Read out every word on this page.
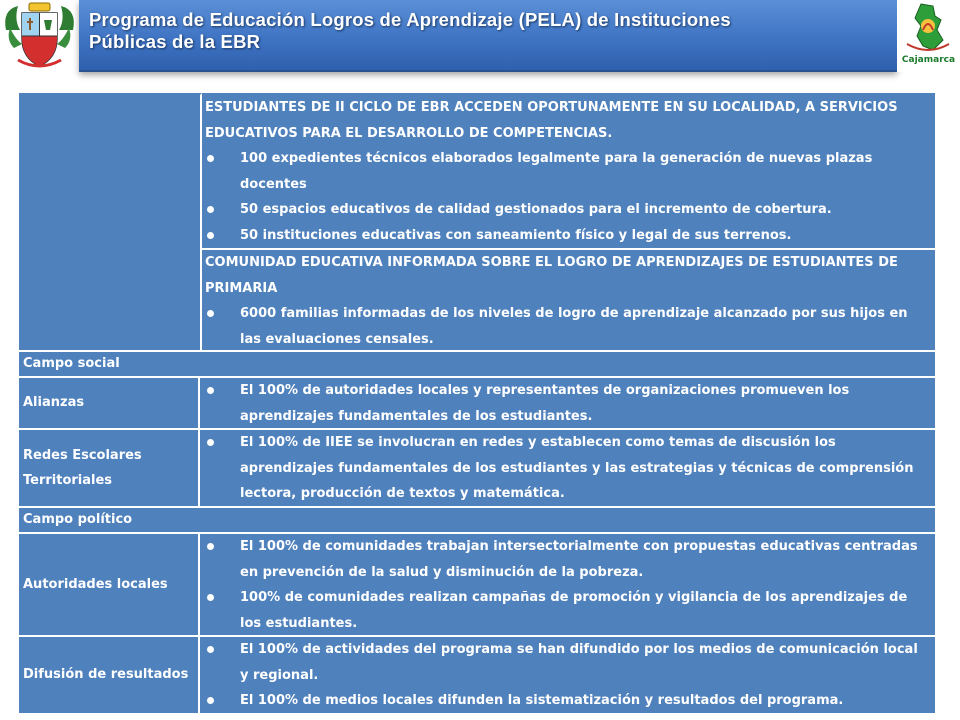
Programa de Educación Logros de Aprendizaje (PELA) de Instituciones
Públicas de la EBR
Cajamarca
ESTUDIANTES DE II CICLO DE EBR ACCEDEN OPORTUNAMENTE EN SU LOCALIDAD, A SERVICIOS EDUCATIVOS PARA EL DESARROLLO DE COMPETENCIAS.
100 expedientes técnicos elaborados legalmente para la generación de nuevas plazas docentes
50 espacios educativos de calidad gestionados para el incremento de cobertura.
50 instituciones educativas con saneamiento físico y legal de sus terrenos.
COMUNIDAD EDUCATIVA INFORMADA SOBRE EL LOGRO DE APRENDIZAJES DE ESTUDIANTES DE PRIMARIA
6000 familias informadas de los niveles de logro de aprendizaje alcanzado por sus hijos en las evaluaciones censales.
Campo social
Alianzas
El 100% de autoridades locales y representantes de organizaciones promueven los aprendizajes fundamentales de los estudiantes.
Redes Escolares Territoriales
El 100% de IIEE se involucran en redes y establecen como temas de discusión los aprendizajes fundamentales de los estudiantes y las estrategias y técnicas de comprensión lectora, producción de textos y matemática.
Campo político
Autoridades locales
El 100% de comunidades trabajan intersectorialmente con propuestas educativas centradas en prevención de la salud y disminución de la pobreza.
100% de comunidades realizan campañas de promoción y vigilancia de los aprendizajes de los estudiantes.
Difusión de resultados
El 100% de actividades del programa se han difundido por los medios de comunicación local y regional.
El 100% de medios locales difunden la sistematización y resultados del programa.
